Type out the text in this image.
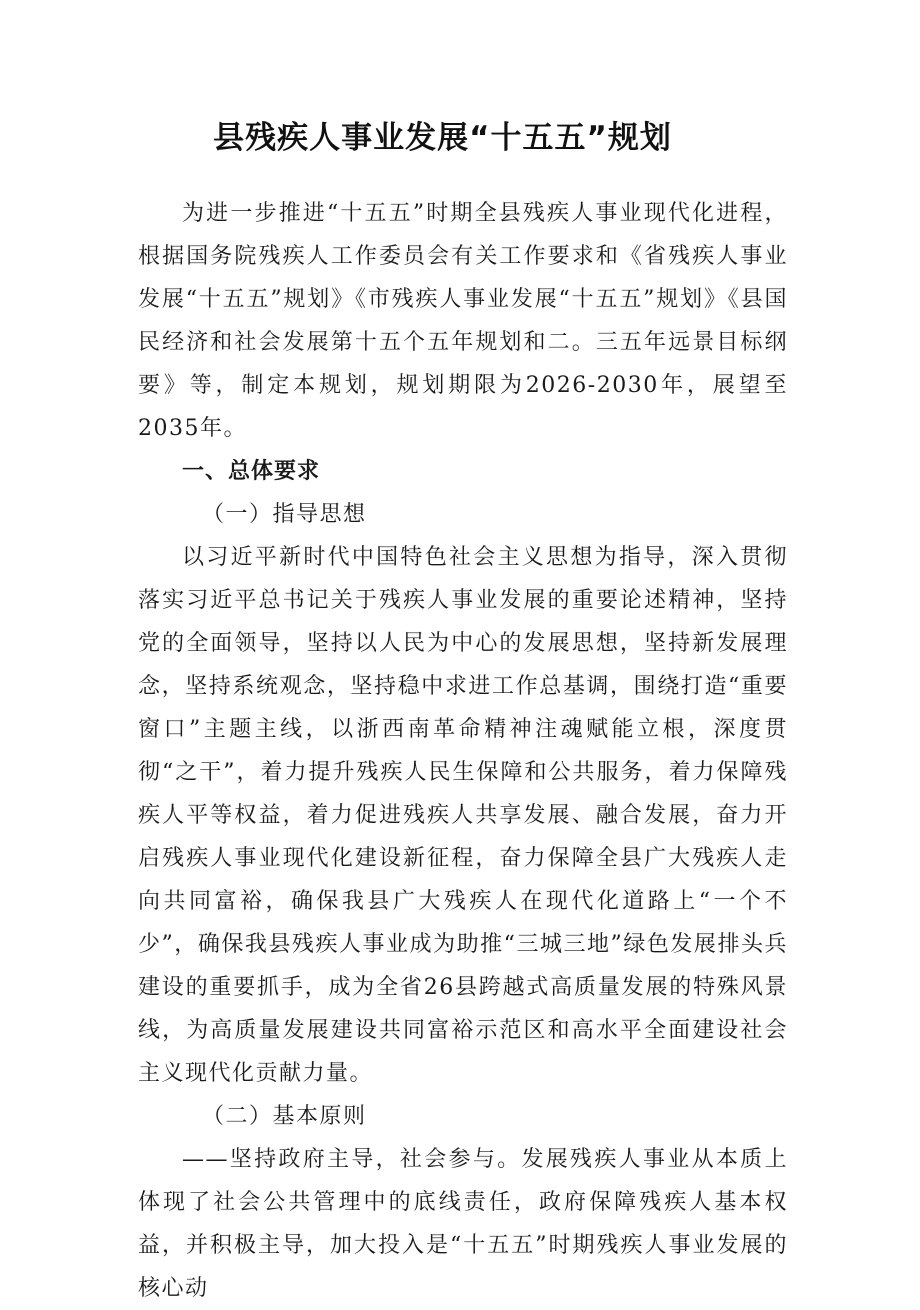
县残疾人事业发展“十五五”规划

为进一步推进“十五五”时期全县残疾人事业现代化进程，根据国务院残疾人工作委员会有关工作要求和《省残疾人事业发展“十五五”规划》《市残疾人事业发展“十五五”规划》《县国民经济和社会发展第十五个五年规划和二。三五年远景目标纲要》等，制定本规划，规划期限为2026-2030年，展望至2035年。

一、总体要求

（一）指导思想

以习近平新时代中国特色社会主义思想为指导，深入贯彻落实习近平总书记关于残疾人事业发展的重要论述精神，坚持党的全面领导，坚持以人民为中心的发展思想，坚持新发展理念，坚持系统观念，坚持稳中求进工作总基调，围绕打造“重要窗口”主题主线，以浙西南革命精神注魂赋能立根，深度贯彻“之干”，着力提升残疾人民生保障和公共服务，着力保障残疾人平等权益，着力促进残疾人共享发展、融合发展，奋力开启残疾人事业现代化建设新征程，奋力保障全县广大残疾人走向共同富裕，确保我县广大残疾人在现代化道路上“一个不少”，确保我县残疾人事业成为助推“三城三地”绿色发展排头兵建设的重要抓手，成为全省26县跨越式高质量发展的特殊风景线，为高质量发展建设共同富裕示范区和高水平全面建设社会主义现代化贡献力量。

（二）基本原则

——坚持政府主导，社会参与。发展残疾人事业从本质上体现了社会公共管理中的底线责任，政府保障残疾人基本权益，并积极主导，加大投入是“十五五”时期残疾人事业发展的核心动
